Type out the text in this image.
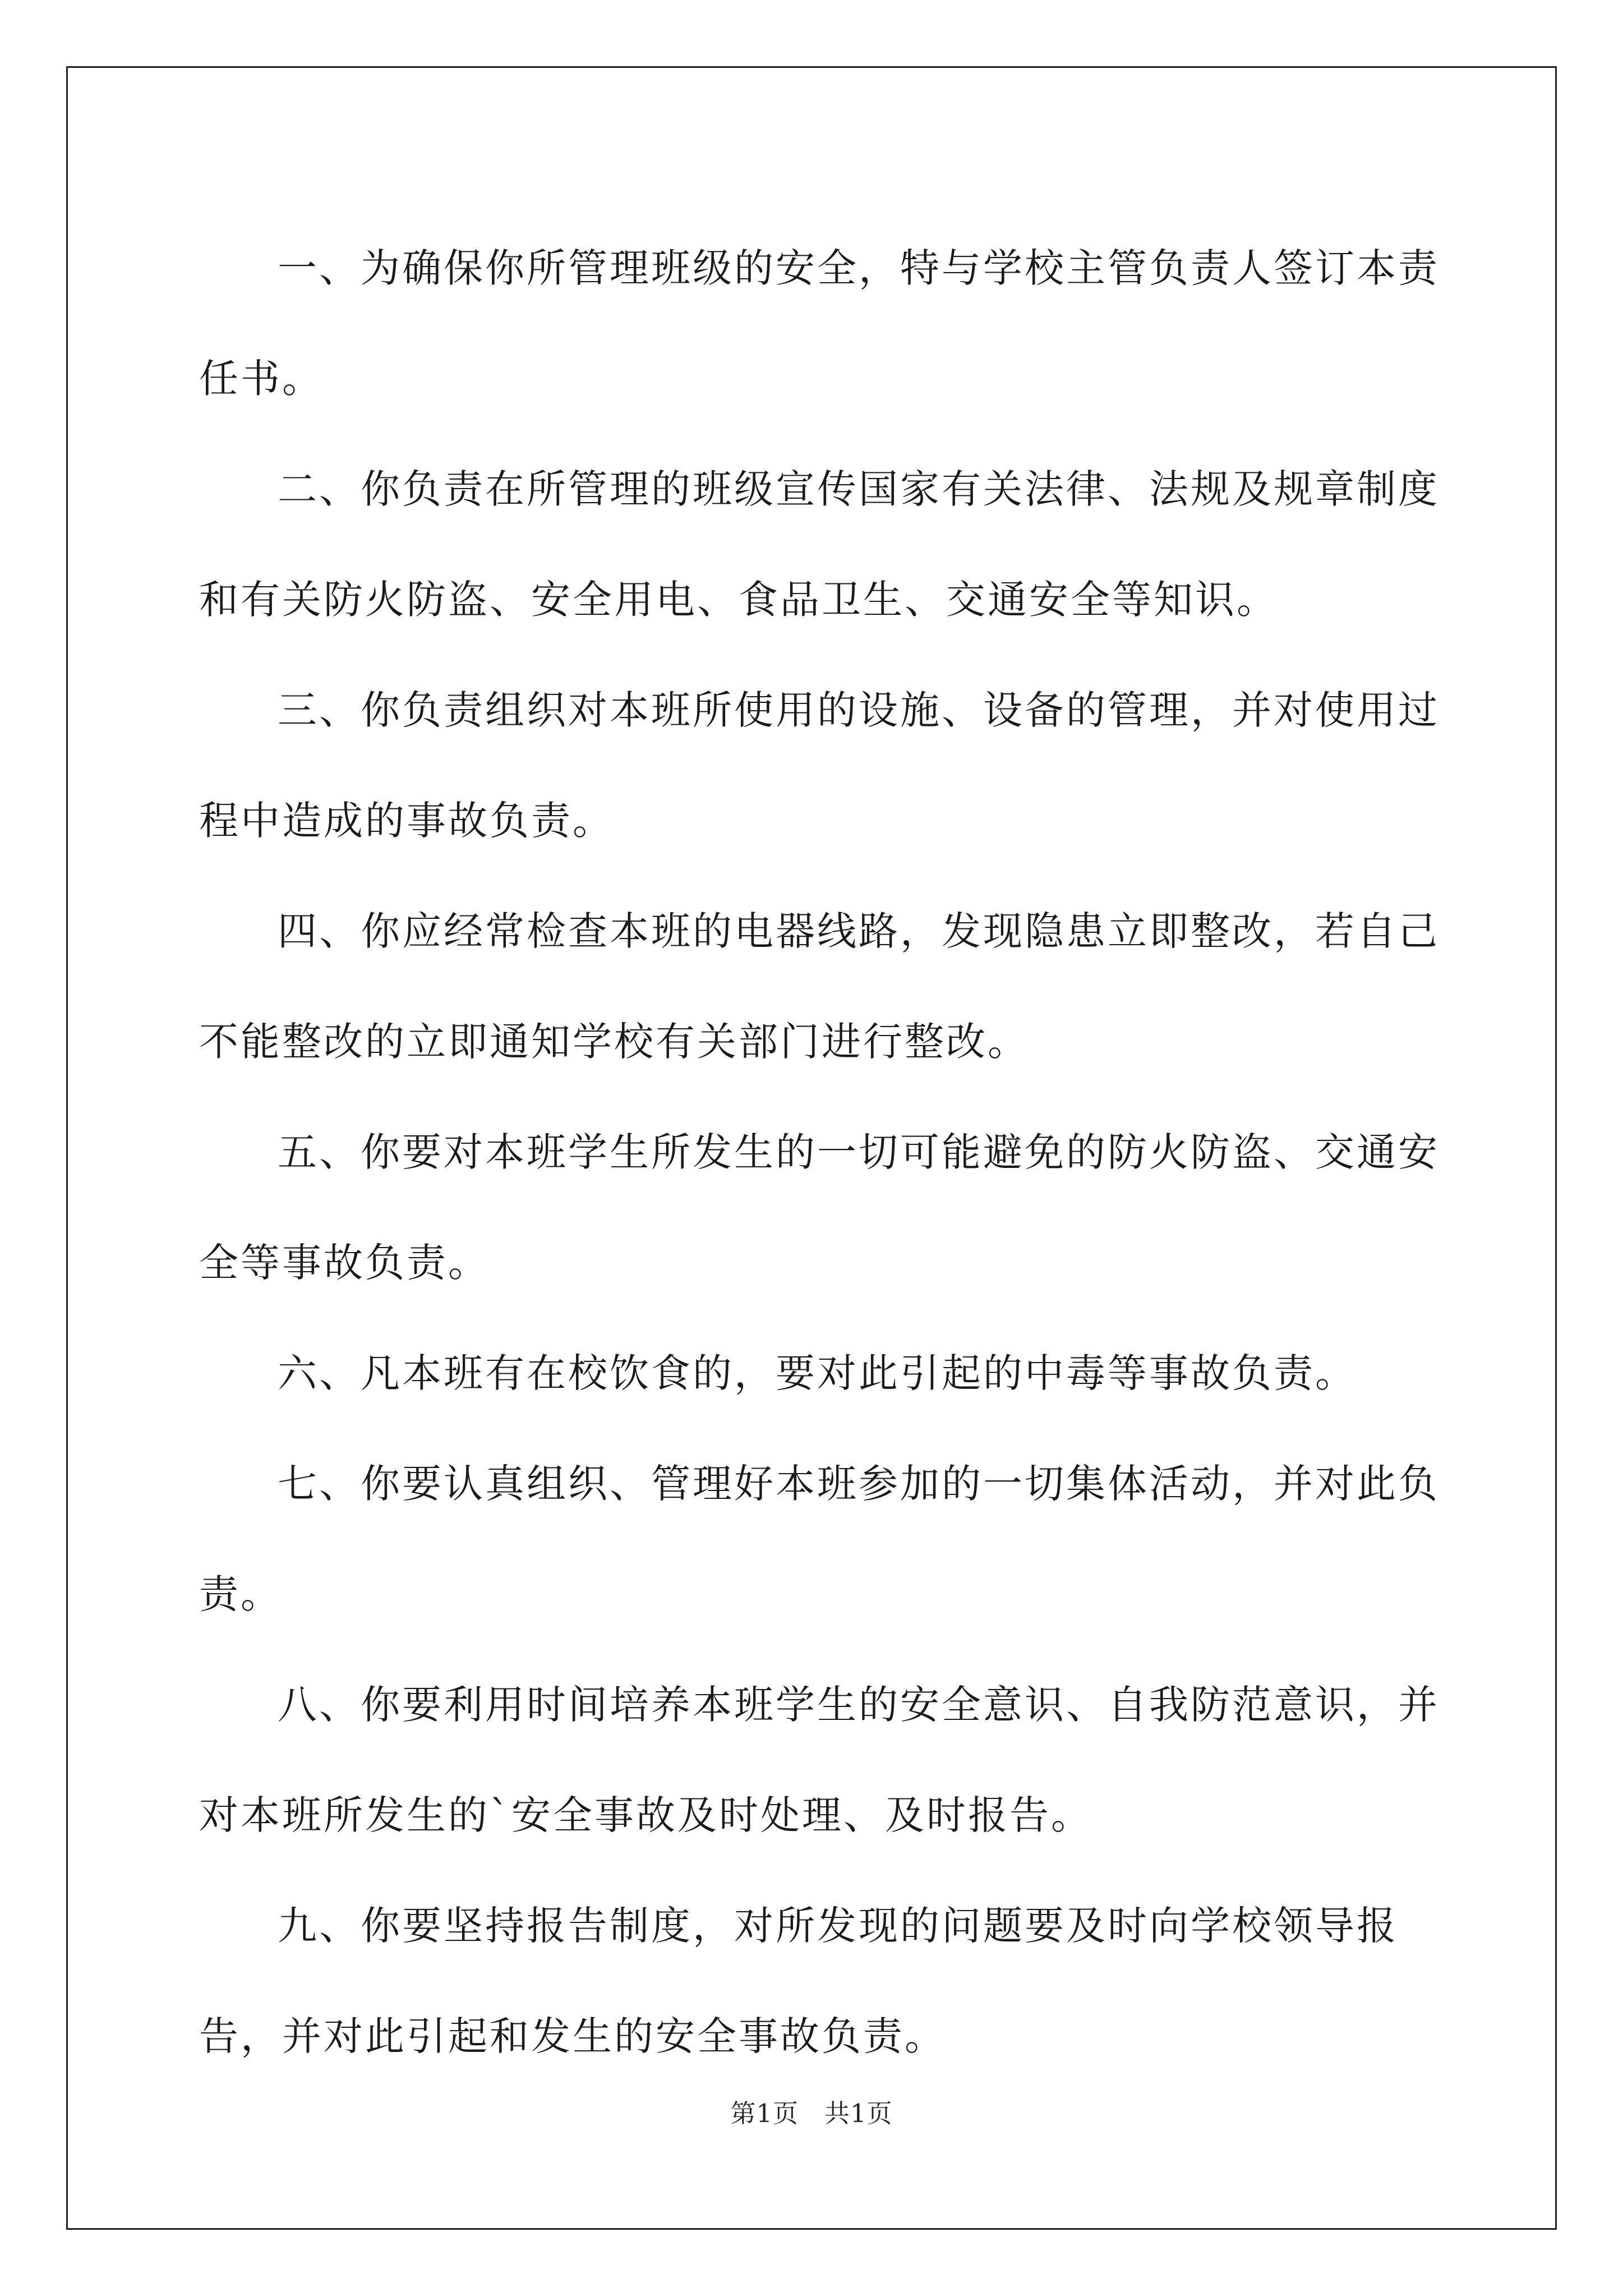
一、为确保你所管理班级的安全，特与学校主管负责人签订本责任书。

二、你负责在所管理的班级宣传国家有关法律、法规及规章制度和有关防火防盗、安全用电、食品卫生、交通安全等知识。

三、你负责组织对本班所使用的设施、设备的管理，并对使用过程中造成的事故负责。

四、你应经常检查本班的电器线路，发现隐患立即整改，若自己不能整改的立即通知学校有关部门进行整改。

五、你要对本班学生所发生的一切可能避免的防火防盗、交通安全等事故负责。

六、凡本班有在校饮食的，要对此引起的中毒等事故负责。

七、你要认真组织、管理好本班参加的一切集体活动，并对此负责。

八、你要利用时间培养本班学生的安全意识、自我防范意识，并对本班所发生的`安全事故及时处理、及时报告。

九、你要坚持报告制度，对所发现的问题要及时向学校领导报告，并对此引起和发生的安全事故负责。

第1页　共1页
